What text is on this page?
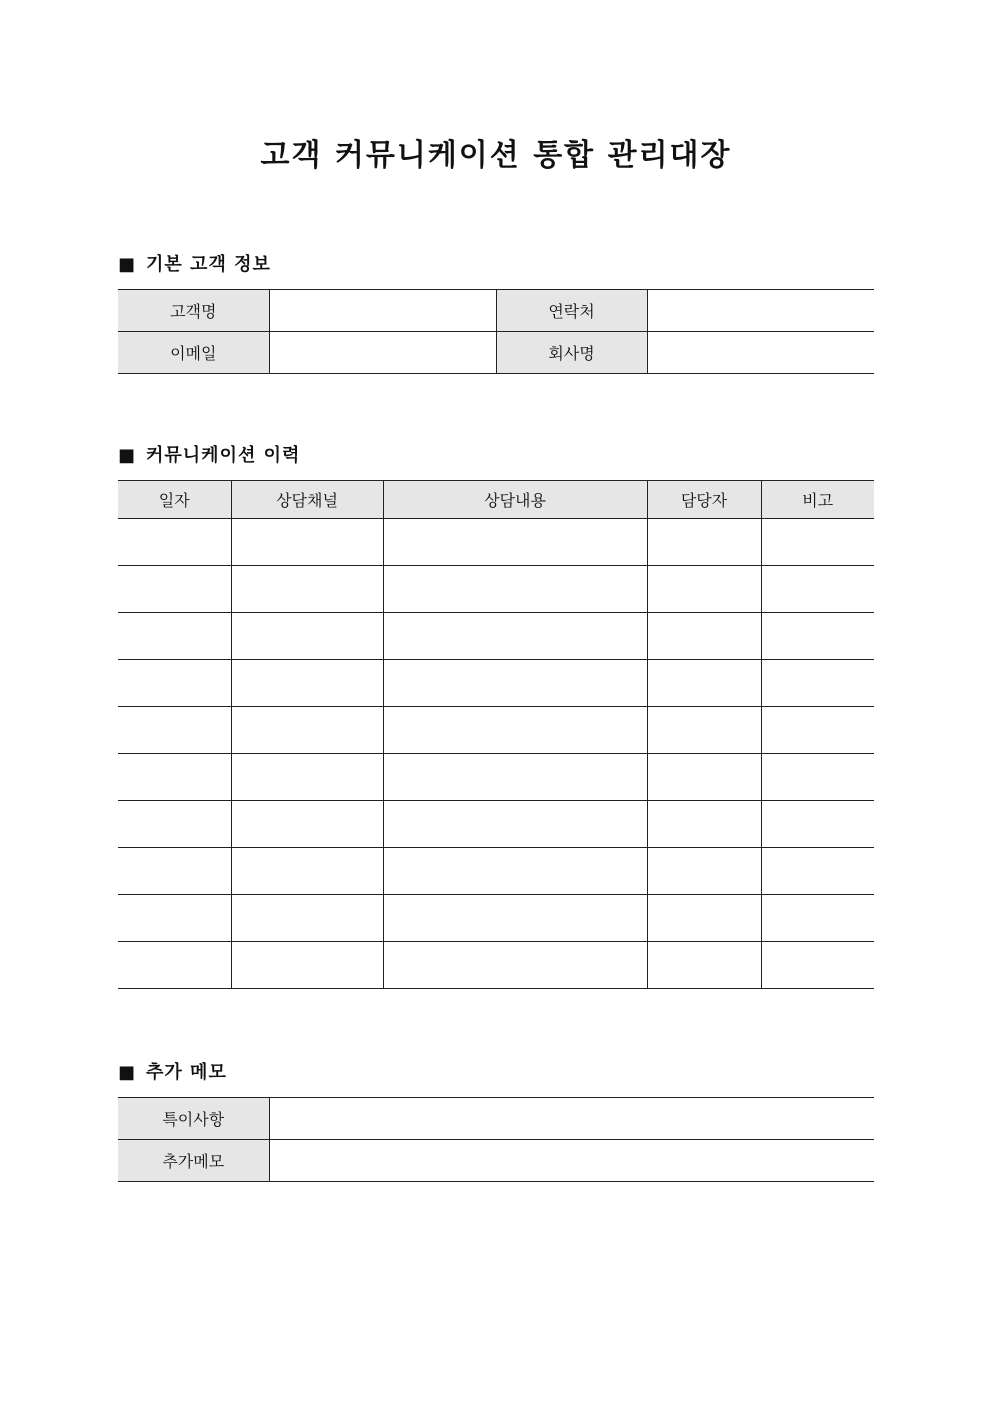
고객 커뮤니케이션 통합 관리대장
■ 기본 고객 정보
고객명		연락처	
이메일		회사명	
■ 커뮤니케이션 이력
일자	상담채널	상담내용	담당자	비고

■ 추가 메모
특이사항	
추가메모	
